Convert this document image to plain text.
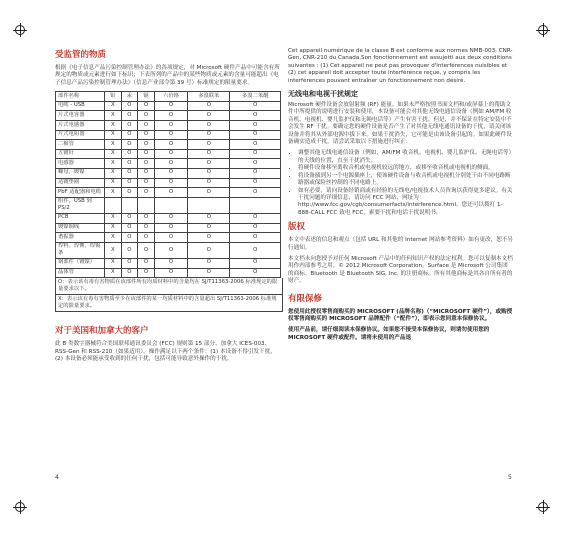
受监管的物质

根据《电子信息产品污染控制管理办法》的各项规定，对 Microsoft 硬件产品中可能含有所规定的物质或元素进行如下标识；下表所列的产品中的某些物质或元素的含量可能超出《电子信息产品污染控制管理办法》（信息产业部令第 39 号）标准规定的限量要求。

部件名称	铅	汞	镉	六价铬	多溴联苯	多溴二苯醚
电缆 - USB	X	O	O	O	O	O
片式电容器	X	O	O	O	O	O
片式电感器	X	O	O	O	O	O
片式电阻器	X	O	O	O	O	O
二极管	X	O	O	O	O	O
五镀针	X	O	O	O	O	O
电感器	X	O	O	O	O	O
螺母，镀镍	X	O	O	O	O	O
适镀垫圈	X	O	O	O	O	O
PbF 适配器和电缆	X	O	O	O	O	O
组件，USB 到 PS/2						
PCB	X	O	O	O	O	O
镀镍铜线	X	O	O	O	O	O
谐振器	X	O	O	O	O	O
焊料、焊膏、焊锡条	X	O	O	O	O	O
钢部件（镀镍）	X	O	O	O	O	O
晶体管	X	O	O	O	O	O
O：表示该有毒有害物质在该部件所有均质材料中的含量均在 SJ/T11363-2006 标准规定的限量要求以下。
X：表示该有毒有害物质至少在该部件的某一均质材料中的含量超出 SJ/T11363-2006 标准规定的限量要求。
对于美国和加拿大的客户

此 B 类数字器械符合美国联邦通讯委员会 (FCC) 规则第 15 部分、加拿大 ICES-003、RSS-Gen 和 RSS-210（如果适用）。操作满足以下两个条件：(1) 本设备不得引发干扰，(2) 本设备必须能承受收到的任何干扰，包括可能导致意外操作的干扰。

Cet appareil numérique de la classe B est conforme aux normes NMB-003, CNR-Gen, CNR-210 du Canada.Son fonctionnement est assujetti aux deux conditions suivantes : (1) Cet appareil ne peut pas provoquer d'interférences nuisibles et (2) cet appareil doit accepter toute interférence reçue, y compris les interférences pouvant entraîner un fonctionnement non désiré.

无线电和电视干扰规定

Microsoft 硬件设备会放射射频 (RF) 能量。如果未严格按照书面文档和/或屏幕上的帮助文件中所提供的说明进行安装和使用，本设备可能会对其他无线电通信设备（例如 AM/FM 收音机、电视机、婴儿监护仪和无绳电话等）产生有害干扰。但是，并不保证在特定安装中不会发生 RF 干扰。要确定您的硬件设备是否产生了对其他无线电通讯设备的干扰，请关闭该设备并将其从外部电源中拔下来。如果干扰消失，它可能是由该设备引起的。如果此硬件设备确实造成干扰，请尝试采取以下措施进行纠正：

• 调整其他无线电通信设备（例如，AM/FM 收音机、电视机、婴儿监护仪、无绳电话等）的天线的位置，直至干扰消失。
• 将硬件设备移至离收音机或电视机较远的地方，或移至收音机或电视机的侧面。
• 将设备插到另一个电源插座上，使该硬件设备与收音机或电视机分别处于由不同电路断路器或保险丝控制的不同电路上。
• 如有必要，请向设备经销商或有经验的无线电/电视技术人员咨询以获得更多建议。有关干扰问题的详细信息，请访问 FCC 网站，网址为：http://www.fcc.gov/cgb/consumerfacts/interference.html。您还可以拨打 1-888-CALL FCC 致电 FCC，索要干扰和电话干扰说明书。
版权

本文中表述的信息和观点（包括 URL 和其他的 Internet 网站参考资料）如有更改，恕不另行通知。

本文档未向您授予对任何 Microsoft 产品中的任何知识产权的法定权利。您可以复制本文档用作内部参考之用。© 2012 Microsoft Corporation。Surface 是 Microsoft 公司集团的商标。Bluetooth 是 Bluetooth SIG, Inc. 的注册商标。所有其他商标是其各自所有者的财产。

有限保修

您使用此授权零售商购买的 MICROSOFT (品牌名称)（“MICROSOFT 硬件”），或购授权零售商购买的 MICROSOFT 品牌配件（“配件”），即表示您同意本保修协议。

使用产品前，请仔细阅读本保修协议。如果您不接受本保修协议，则请勿使用您的 MICROSOFT 硬件或配件。请将未使用的产品退

4	5
